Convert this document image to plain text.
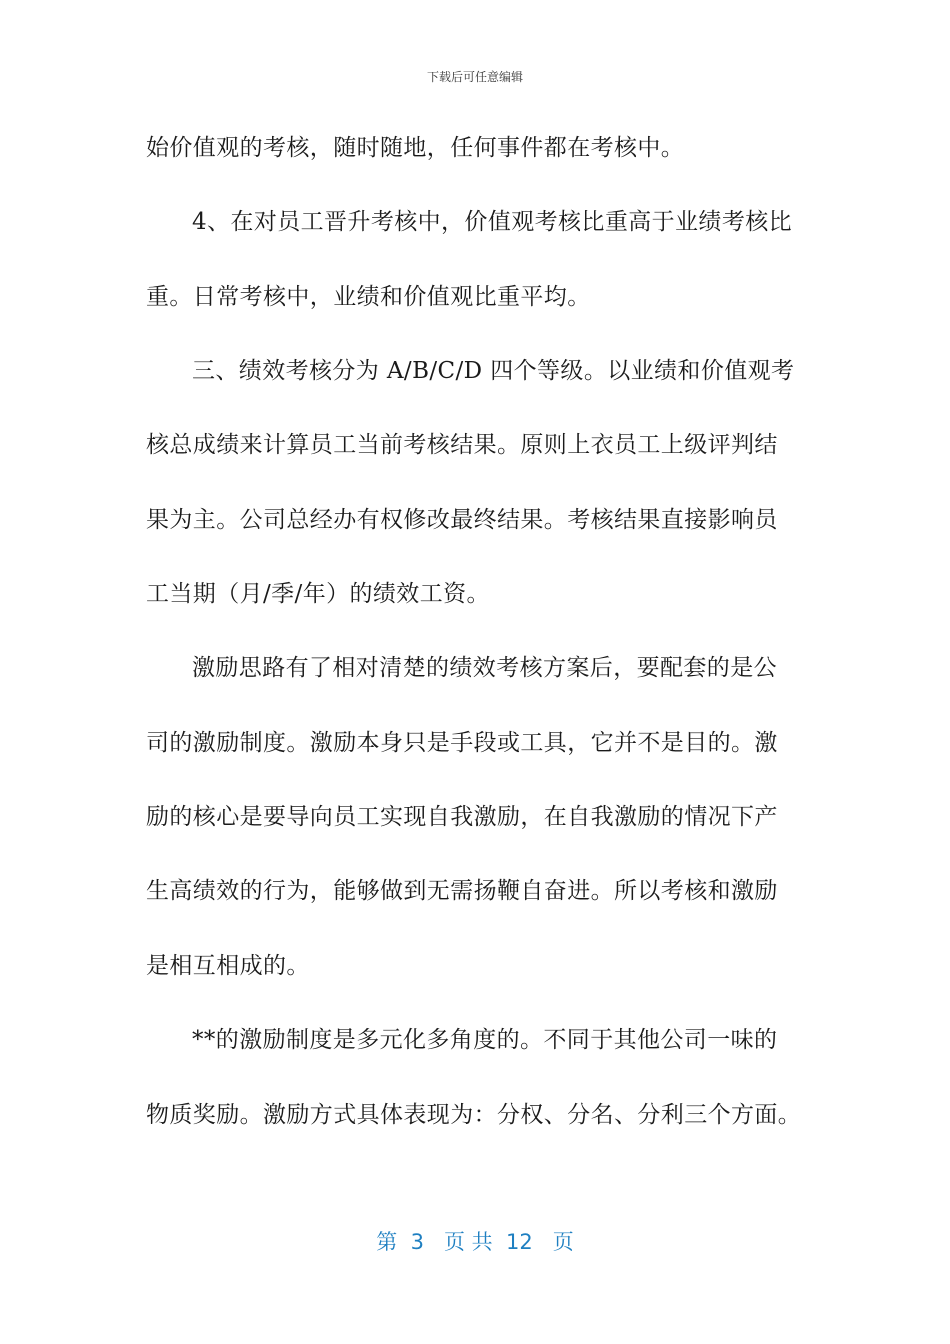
下载后可任意编辑
始价值观的考核，随时随地，任何事件都在考核中。
4、在对员工晋升考核中，价值观考核比重高于业绩考核比
重。日常考核中，业绩和价值观比重平均。
三、绩效考核分为 A/B/C/D 四个等级。以业绩和价值观考
核总成绩来计算员工当前考核结果。原则上衣员工上级评判结
果为主。公司总经办有权修改最终结果。考核结果直接影响员
工当期（月/季/年）的绩效工资。
激励思路有了相对清楚的绩效考核方案后，要配套的是公
司的激励制度。激励本身只是手段或工具，它并不是目的。激
励的核心是要导向员工实现自我激励，在自我激励的情况下产
生高绩效的行为，能够做到无需扬鞭自奋进。所以考核和激励
是相互相成的。
**的激励制度是多元化多角度的。不同于其他公司一味的
物质奖励。激励方式具体表现为：分权、分名、分利三个方面。
第  3   页 共  12   页
